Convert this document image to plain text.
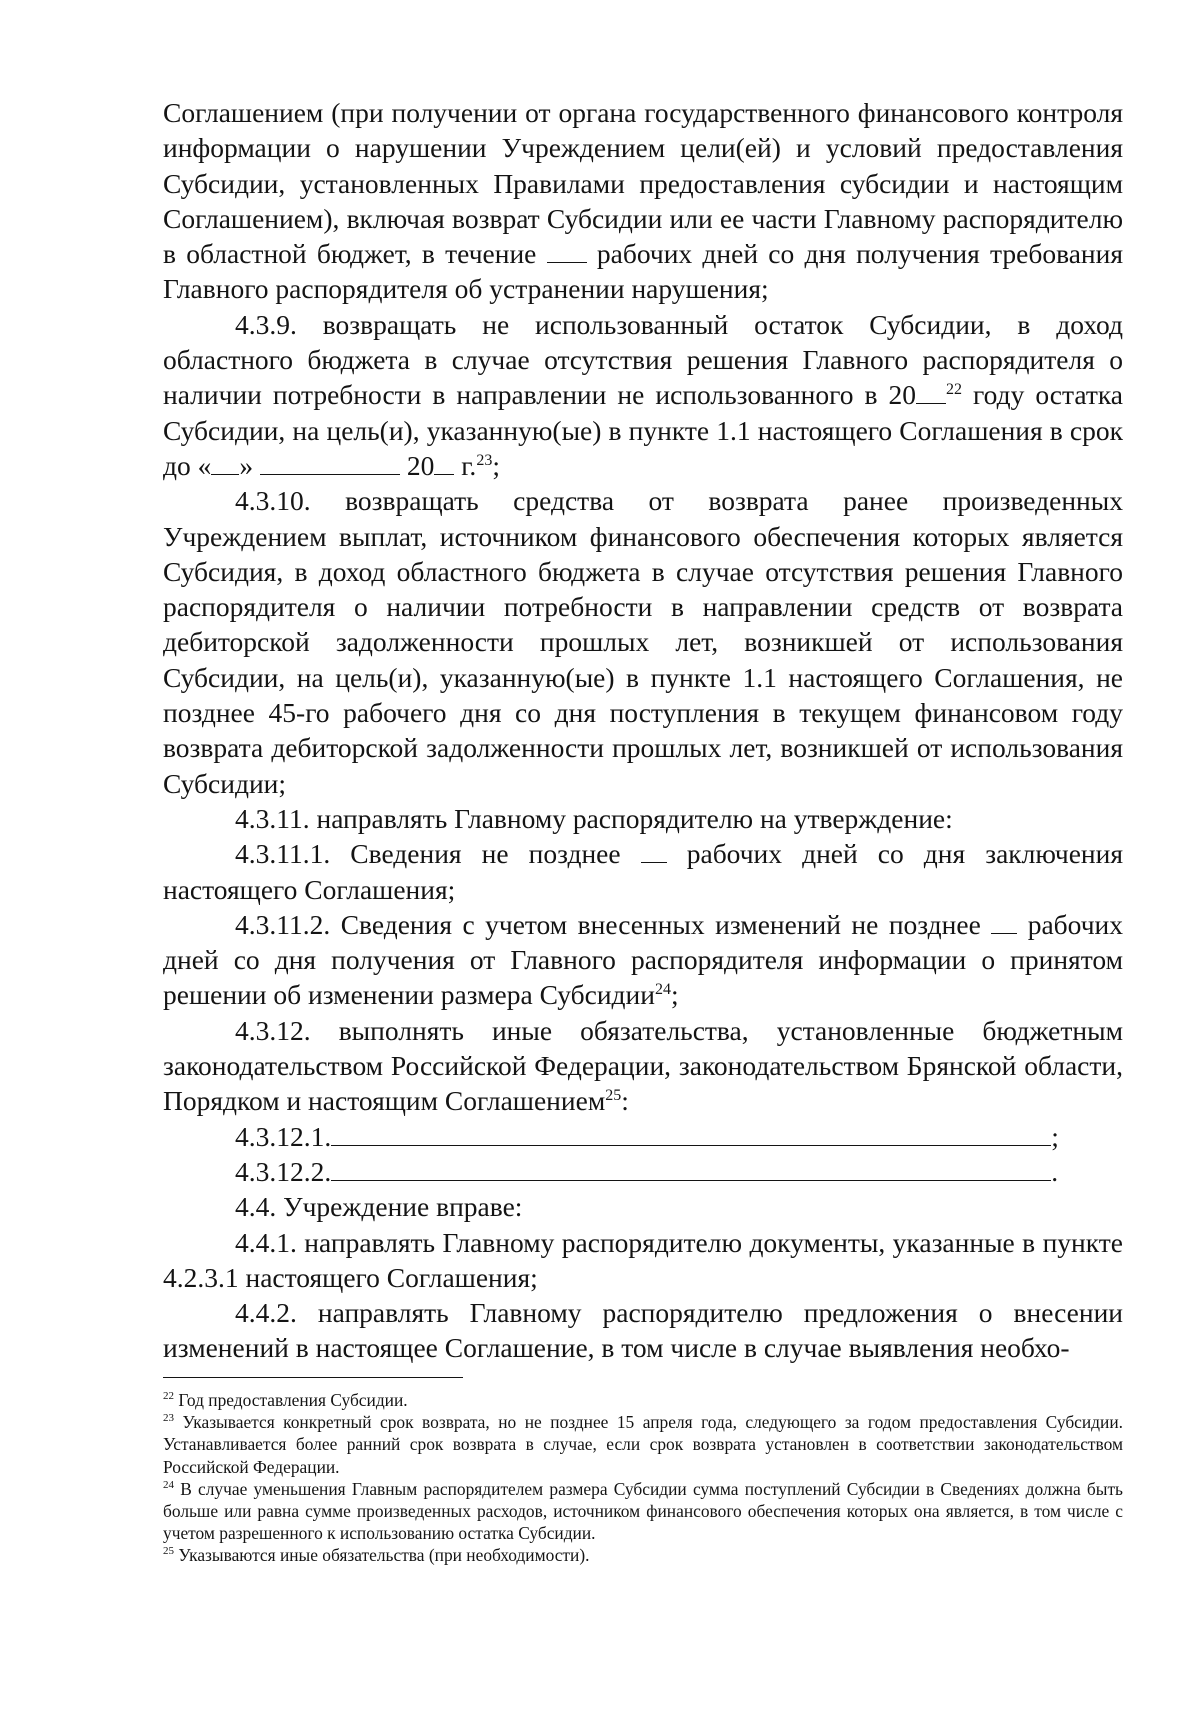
Соглашением (при получении от органа государственного финансового контроля информации о нарушении Учреждением цели(ей) и условий предоставления Субсидии, установленных Правилами предоставления субсидии и настоящим Соглашением), включая возврат Субсидии или ее части Главному распорядителю в областной бюджет, в течение рабочих дней со дня получения требования Главного распорядителя об устранении нарушения;

4.3.9. возвращать не использованный остаток Субсидии, в доход областного бюджета в случае отсутствия решения Главного распорядителя о наличии потребности в направлении не использованного в 20 $^{22}$ году остатка Субсидии, на цель(и), указанную(ые) в пункте 1.1 настоящего Соглашения в срок до « »	20 г.$^{23}$;

4.3.10. возвращать средства от возврата ранее произведенных Учреждением выплат, источником финансового обеспечения которых является Субсидия, в доход областного бюджета в случае отсутствия решения Главного распорядителя о наличии потребности в направлении средств от возврата дебиторской задолженности прошлых лет, возникшей от использования Субсидии, на цель(и), указанную(ые) в пункте 1.1 настоящего Соглашения, не позднее 45-го рабочего дня со дня поступления в текущем финансовом году возврата дебиторской задолженности прошлых лет, возникшей от использования Субсидии;

4.3.11. направлять Главному распорядителю на утверждение:

4.3.11.1. Сведения не позднее  рабочих дней со дня заключения настоящего Соглашения;

4.3.11.2. Сведения с учетом внесенных изменений не позднее  рабочих дней со дня получения от Главного распорядителя информации о принятом решении об изменении размера Субсидии$^{24}$;

4.3.12. выполнять иные обязательства, установленные бюджетным законодательством Российской Федерации, законодательством Брянской области, Порядком и настоящим Соглашением$^{25}$:

4.3.12.1.	;

4.3.12.2.	.

4.4. Учреждение вправе:

4.4.1. направлять Главному распорядителю документы, указанные в пункте 4.2.3.1 настоящего Соглашения;

4.4.2. направлять Главному распорядителю предложения о внесении изменений в настоящее Соглашение, в том числе в случае выявления необхо-

$^{22}$ Год предоставления Субсидии.

$^{23}$ Указывается конкретный срок возврата, но не позднее 15 апреля года, следующего за годом предоставления Субсидии. Устанавливается более ранний срок возврата в случае, если срок возврата установлен в соответствии законодательством Российской Федерации.

$^{24}$ В случае уменьшения Главным распорядителем размера Субсидии сумма поступлений Субсидии в Сведениях должна быть больше или равна сумме произведенных расходов, источником финансового обеспечения которых она является, в том числе с учетом разрешенного к использованию остатка Субсидии.

$^{25}$ Указываются иные обязательства (при необходимости).
